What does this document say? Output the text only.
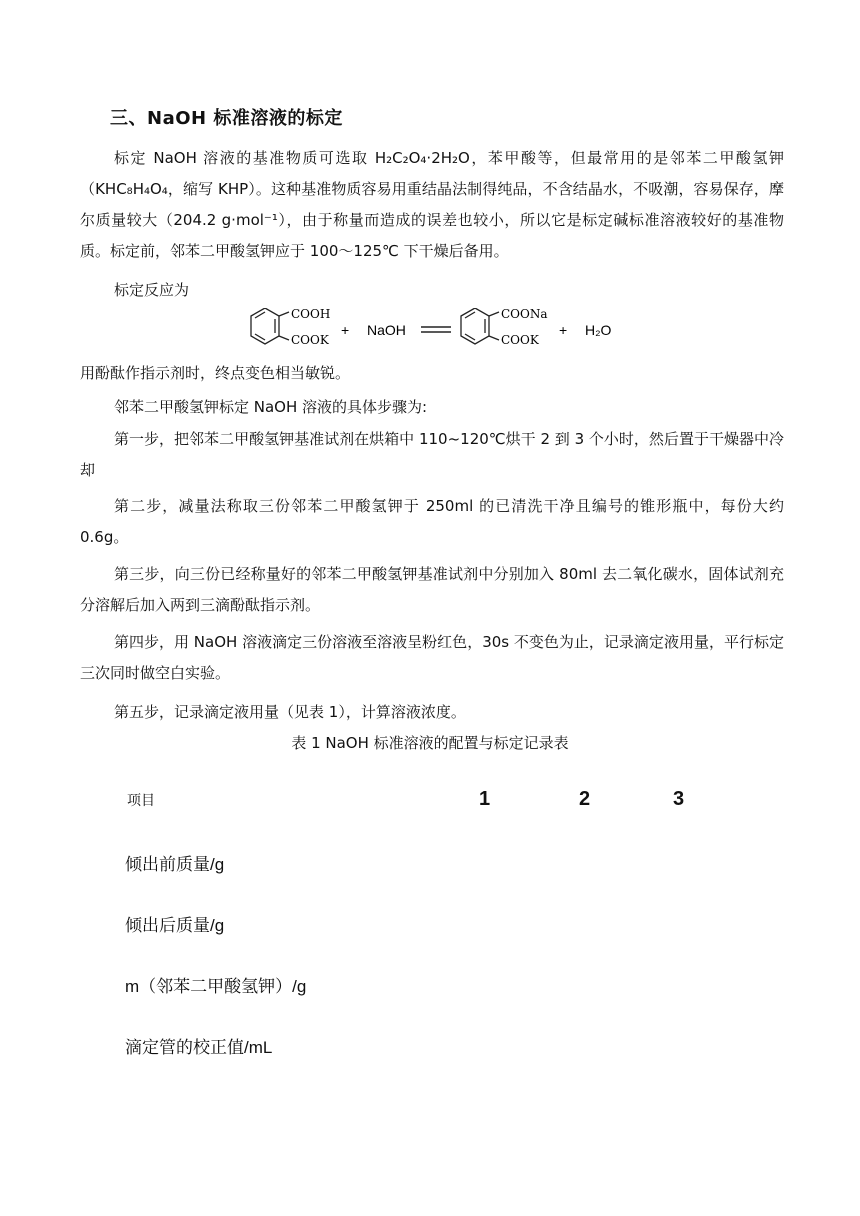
三、NaOH 标准溶液的标定
标定 NaOH 溶液的基准物质可选取 H₂C₂O₄·2H₂O，苯甲酸等，但最常用的是邻苯二甲酸氢钾（KHC₈H₄O₄，缩写 KHP）。这种基准物质容易用重结晶法制得纯品，不含结晶水，不吸潮，容易保存，摩尔质量较大（204.2 g·mol⁻¹），由于称量而造成的误差也较小，所以它是标定碱标准溶液较好的基准物质。标定前，邻苯二甲酸氢钾应于 100～125℃ 下干燥后备用。
标定反应为
COOH
COOK
+ NaOH
COONa
COOK
+ H₂O
用酚酞作指示剂时，终点变色相当敏锐。
邻苯二甲酸氢钾标定 NaOH 溶液的具体步骤为:
第一步，把邻苯二甲酸氢钾基准试剂在烘箱中 110~120℃烘干 2 到 3 个小时，然后置于干燥器中冷却
第二步，减量法称取三份邻苯二甲酸氢钾于 250ml 的已清洗干净且编号的锥形瓶中，每份大约 0.6g。
第三步，向三份已经称量好的邻苯二甲酸氢钾基准试剂中分别加入 80ml 去二氧化碳水，固体试剂充分溶解后加入两到三滴酚酞指示剂。
第四步，用 NaOH 溶液滴定三份溶液至溶液呈粉红色，30s 不变色为止，记录滴定液用量，平行标定三次同时做空白实验。
第五步，记录滴定液用量（见表 1），计算溶液浓度。
表 1 NaOH 标准溶液的配置与标定记录表
项目	1	2	3
倾出前质量/g
倾出后质量/g
m（邻苯二甲酸氢钾）/g
滴定管的校正值/mL
